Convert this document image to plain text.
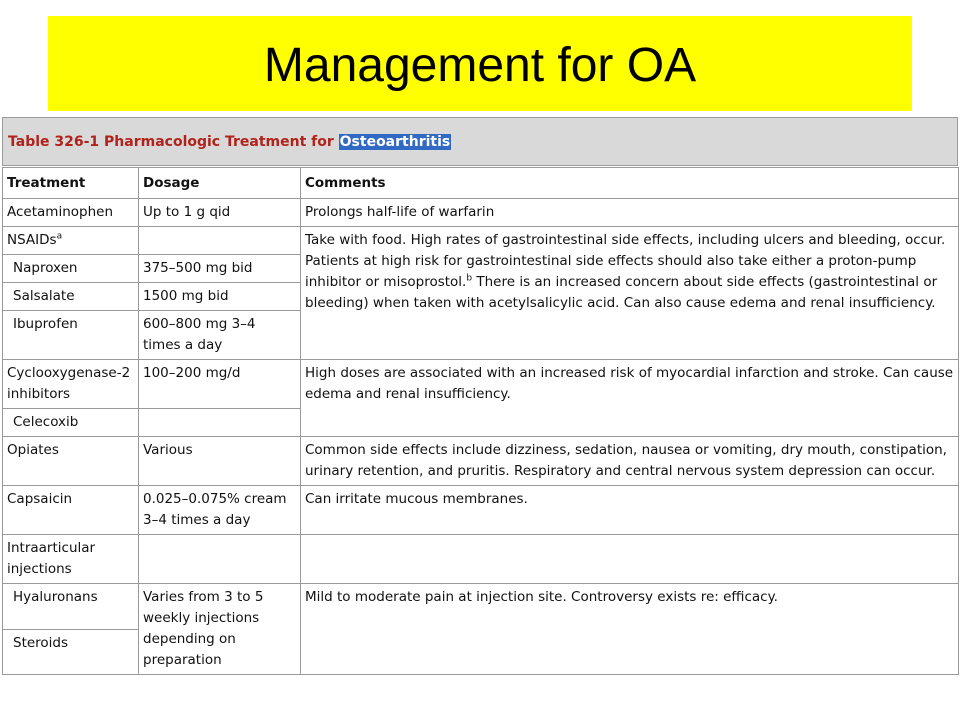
Management for OA
Table 326-1 Pharmacologic Treatment for Osteoarthritis
Treatment	Dosage	Comments
Acetaminophen	Up to 1 g qid	Prolongs half-life of warfarin
NSAIDs$^a$		Take with food. High rates of gastrointestinal side effects, including ulcers and bleeding, occur. Patients at high risk for gastrointestinal side effects should also take either a proton-pump inhibitor or misoprostol.$^b$ There is an increased concern about side effects (gastrointestinal or bleeding) when taken with acetylsalicylic acid. Can also cause edema and renal insufficiency.
Naproxen	375–500 mg bid	
Salsalate	1500 mg bid	
Ibuprofen	600–800 mg 3–4 times a day	
Cyclooxygenase-2 inhibitors	100–200 mg/d	High doses are associated with an increased risk of myocardial infarction and stroke. Can cause edema and renal insufficiency.
Celecoxib		
Opiates	Various	Common side effects include dizziness, sedation, nausea or vomiting, dry mouth, constipation, urinary retention, and pruritis. Respiratory and central nervous system depression can occur.
Capsaicin	0.025–0.075% cream 3–4 times a day	Can irritate mucous membranes.
Intraarticular injections		
Hyaluronans	Varies from 3 to 5 weekly injections depending on preparation	Mild to moderate pain at injection site. Controversy exists re: efficacy.
Steroids		
